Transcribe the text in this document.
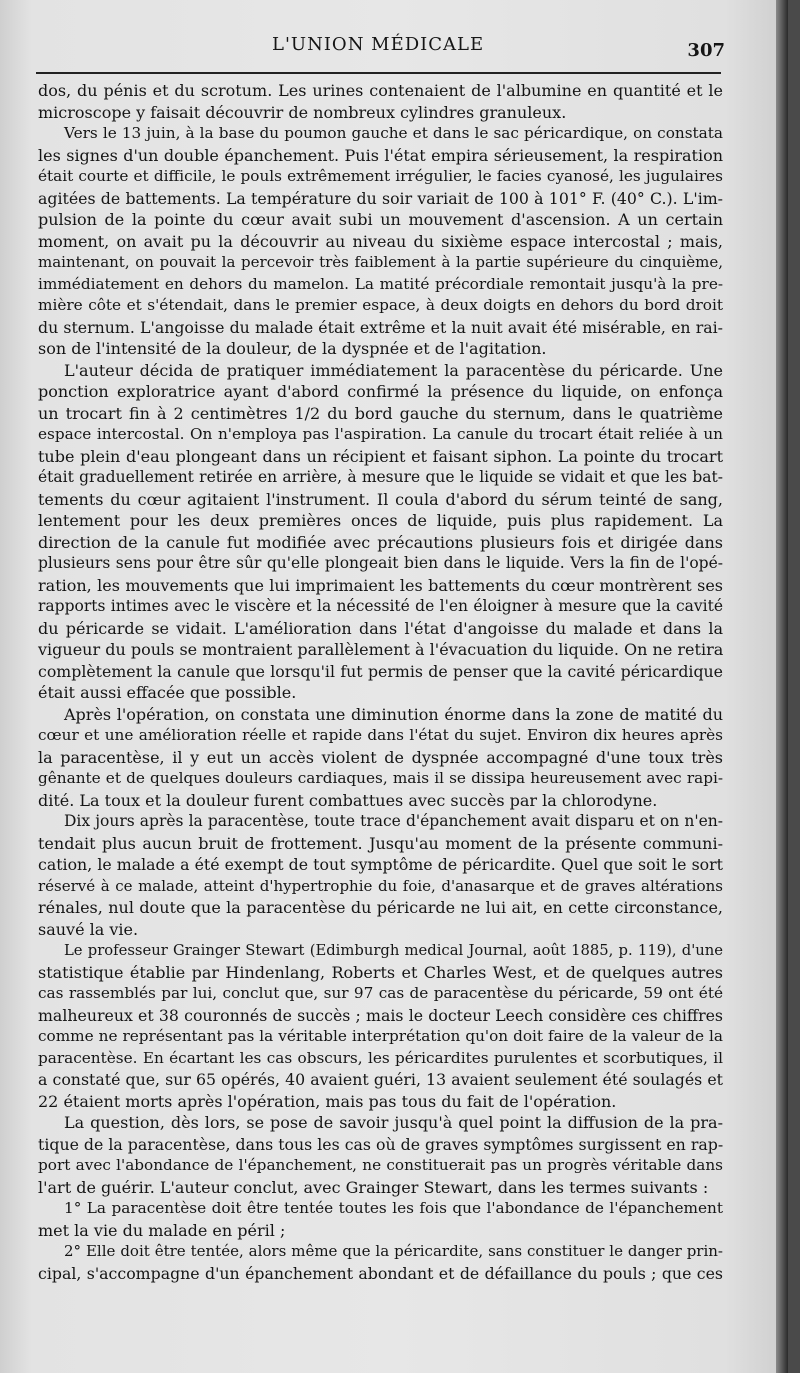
L'UNION MÉDICALE	307
dos, du pénis et du scrotum. Les urines contenaient de l'albumine en quantité et le
microscope y faisait découvrir de nombreux cylindres granuleux.
Vers le 13 juin, à la base du poumon gauche et dans le sac péricardique, on constata
les signes d'un double épanchement. Puis l'état empira sérieusement, la respiration
était courte et difficile, le pouls extrêmement irrégulier, le facies cyanosé, les jugulaires
agitées de battements. La température du soir variait de 100 à 101° F. (40° C.). L'im-
pulsion de la pointe du cœur avait subi un mouvement d'ascension. A un certain
moment, on avait pu la découvrir au niveau du sixième espace intercostal ; mais,
maintenant, on pouvait la percevoir très faiblement à la partie supérieure du cinquième,
immédiatement en dehors du mamelon. La matité précordiale remontait jusqu'à la pre-
mière côte et s'étendait, dans le premier espace, à deux doigts en dehors du bord droit
du sternum. L'angoisse du malade était extrême et la nuit avait été misérable, en rai-
son de l'intensité de la douleur, de la dyspnée et de l'agitation.
L'auteur décida de pratiquer immédiatement la paracentèse du péricarde. Une
ponction exploratrice ayant d'abord confirmé la présence du liquide, on enfonça
un trocart fin à 2 centimètres 1/2 du bord gauche du sternum, dans le quatrième
espace intercostal. On n'employa pas l'aspiration. La canule du trocart était reliée à un
tube plein d'eau plongeant dans un récipient et faisant siphon. La pointe du trocart
était graduellement retirée en arrière, à mesure que le liquide se vidait et que les bat-
tements du cœur agitaient l'instrument. Il coula d'abord du sérum teinté de sang,
lentement pour les deux premières onces de liquide, puis plus rapidement. La
direction de la canule fut modifiée avec précautions plusieurs fois et dirigée dans
plusieurs sens pour être sûr qu'elle plongeait bien dans le liquide. Vers la fin de l'opé-
ration, les mouvements que lui imprimaient les battements du cœur montrèrent ses
rapports intimes avec le viscère et la nécessité de l'en éloigner à mesure que la cavité
du péricarde se vidait. L'amélioration dans l'état d'angoisse du malade et dans la
vigueur du pouls se montraient parallèlement à l'évacuation du liquide. On ne retira
complètement la canule que lorsqu'il fut permis de penser que la cavité péricardique
était aussi effacée que possible.
Après l'opération, on constata une diminution énorme dans la zone de matité du
cœur et une amélioration réelle et rapide dans l'état du sujet. Environ dix heures après
la paracentèse, il y eut un accès violent de dyspnée accompagné d'une toux très
gênante et de quelques douleurs cardiaques, mais il se dissipa heureusement avec rapi-
dité. La toux et la douleur furent combattues avec succès par la chlorodyne.
Dix jours après la paracentèse, toute trace d'épanchement avait disparu et on n'en-
tendait plus aucun bruit de frottement. Jusqu'au moment de la présente communi-
cation, le malade a été exempt de tout symptôme de péricardite. Quel que soit le sort
réservé à ce malade, atteint d'hypertrophie du foie, d'anasarque et de graves altérations
rénales, nul doute que la paracentèse du péricarde ne lui ait, en cette circonstance,
sauvé la vie.
Le professeur Grainger Stewart (Edimburgh medical Journal, août 1885, p. 119), d'une
statistique établie par Hindenlang, Roberts et Charles West, et de quelques autres
cas rassemblés par lui, conclut que, sur 97 cas de paracentèse du péricarde, 59 ont été
malheureux et 38 couronnés de succès ; mais le docteur Leech considère ces chiffres
comme ne représentant pas la véritable interprétation qu'on doit faire de la valeur de la
paracentèse. En écartant les cas obscurs, les péricardites purulentes et scorbutiques, il
a constaté que, sur 65 opérés, 40 avaient guéri, 13 avaient seulement été soulagés et
22 étaient morts après l'opération, mais pas tous du fait de l'opération.
La question, dès lors, se pose de savoir jusqu'à quel point la diffusion de la pra-
tique de la paracentèse, dans tous les cas où de graves symptômes surgissent en rap-
port avec l'abondance de l'épanchement, ne constituerait pas un progrès véritable dans
l'art de guérir. L'auteur conclut, avec Grainger Stewart, dans les termes suivants :
1° La paracentèse doit être tentée toutes les fois que l'abondance de l'épanchement
met la vie du malade en péril ;
2° Elle doit être tentée, alors même que la péricardite, sans constituer le danger prin-
cipal, s'accompagne d'un épanchement abondant et de défaillance du pouls ; que ces
